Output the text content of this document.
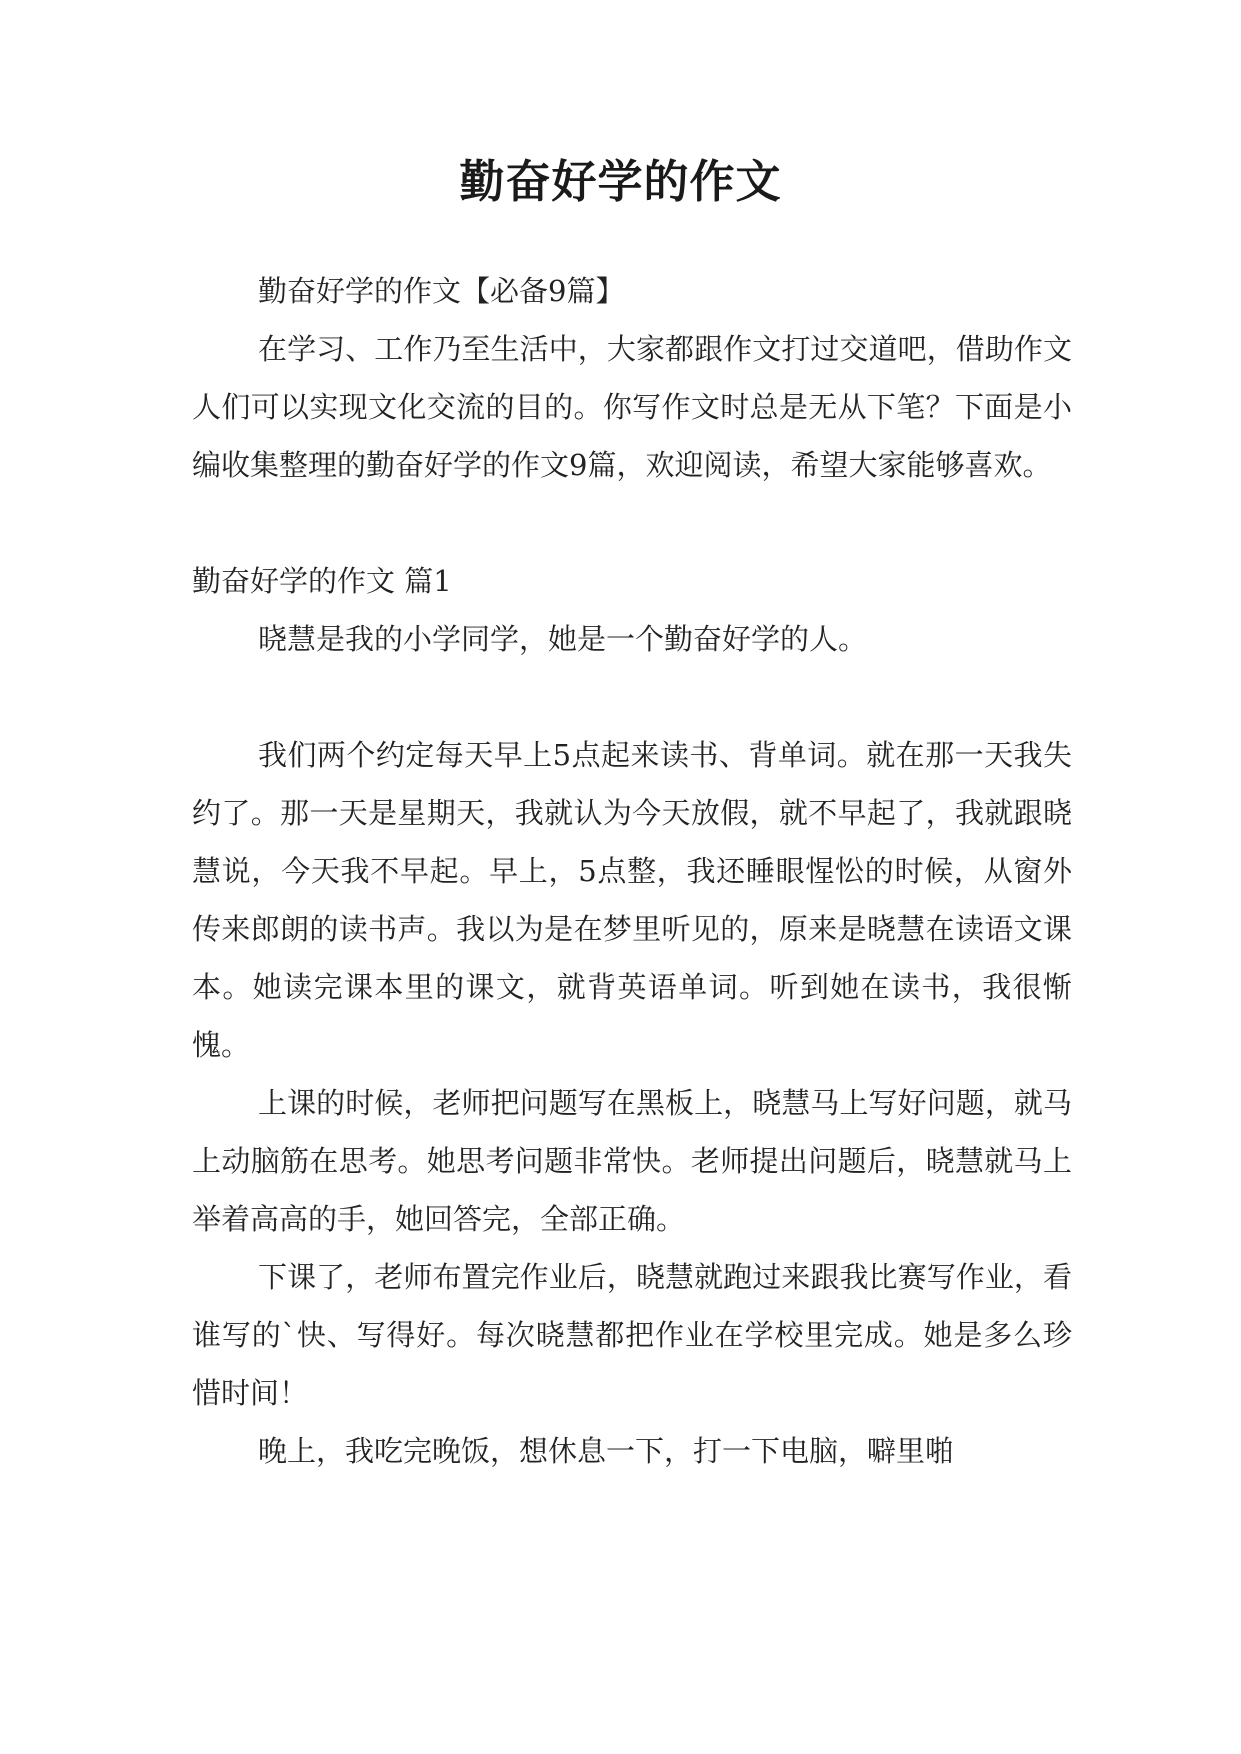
勤奋好学的作文

勤奋好学的作文【必备9篇】

在学习、工作乃至生活中，大家都跟作文打过交道吧，借助作文人们可以实现文化交流的目的。你写作文时总是无从下笔？下面是小编收集整理的勤奋好学的作文9篇，欢迎阅读，希望大家能够喜欢。

勤奋好学的作文 篇1

晓慧是我的小学同学，她是一个勤奋好学的人。

我们两个约定每天早上5点起来读书、背单词。就在那一天我失约了。那一天是星期天，我就认为今天放假，就不早起了，我就跟晓慧说，今天我不早起。早上，5点整，我还睡眼惺忪的时候，从窗外传来郎朗的读书声。我以为是在梦里听见的，原来是晓慧在读语文课本。她读完课本里的课文，就背英语单词。听到她在读书，我很惭愧。

上课的时候，老师把问题写在黑板上，晓慧马上写好问题，就马上动脑筋在思考。她思考问题非常快。老师提出问题后，晓慧就马上举着高高的手，她回答完，全部正确。

下课了，老师布置完作业后，晓慧就跑过来跟我比赛写作业，看谁写的`快、写得好。每次晓慧都把作业在学校里完成。她是多么珍惜时间！

晚上，我吃完晚饭，想休息一下，打一下电脑，噼里啪
